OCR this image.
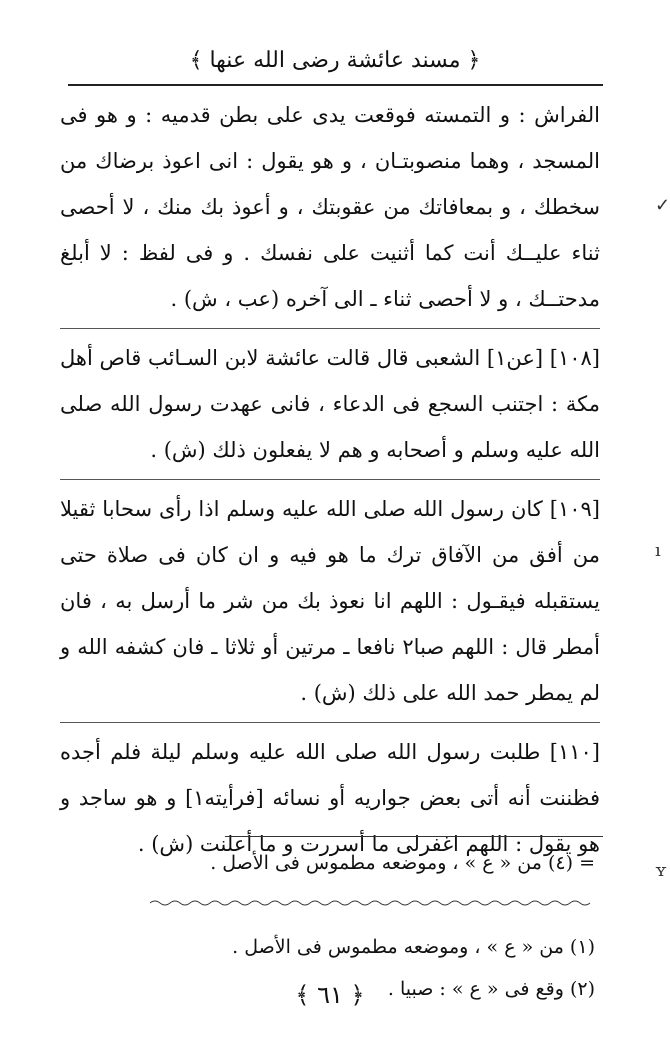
﴿ مسند عائشة رضى الله عنها ﴾

الفراش : و التمسته فوقعت يدى على بطن قدميه : و هو فى المسجد ، وهما منصوبتـان ، و هو يقول : انى اعوذ برضاك من سخطك ، و بمعافاتك من عقوبتك ، و أعوذ بك منك ، لا أحصى ثناء عليــك أنت كما أثنيت على نفسك . و فى لفظ : لا أبلغ مدحتــك ، و لا أحصى ثناء ـ الى آخره (عب ، ش) .

[١٠٨] [عن١] الشعبى قال قالت عائشة لابن السـائب قاص أهل مكة : اجتنب السجع فى الدعاء ، فانى عهدت رسول الله صلى الله عليه وسلم و أصحابه و هم لا يفعلون ذلك (ش) .

[١٠٩] كان رسول الله صلى الله عليه وسلم اذا رأى سحابا ثقيلا من أفق من الآفاق ترك ما هو فيه و ان كان فى صلاة حتى يستقبله فيقـول : اللهم انا نعوذ بك من شر ما أرسل به ، فان أمطر قال : اللهم صبا٢ نافعا ـ مرتين أو ثلاثا ـ فان كشفه الله و لم يمطر حمد الله على ذلك (ش) .

[١١٠] طلبت رسول الله صلى الله عليه وسلم ليلة فلم أجده فظننت أنه أتى بعض جواريه أو نسائه [فرأيته١] و هو ساجد و هو يقول : اللهم اغفرلى ما أسررت و ما أعلنت (ش) .

= (٤) من « ع » ، وموضعه مطموس فى الأصل .

(١) من « ع » ، وموضعه مطموس فى الأصل .

(٢) وقع فى « ع » : صبيا .

﴿ ٦١ ﴾
✓
ı
ʏ
